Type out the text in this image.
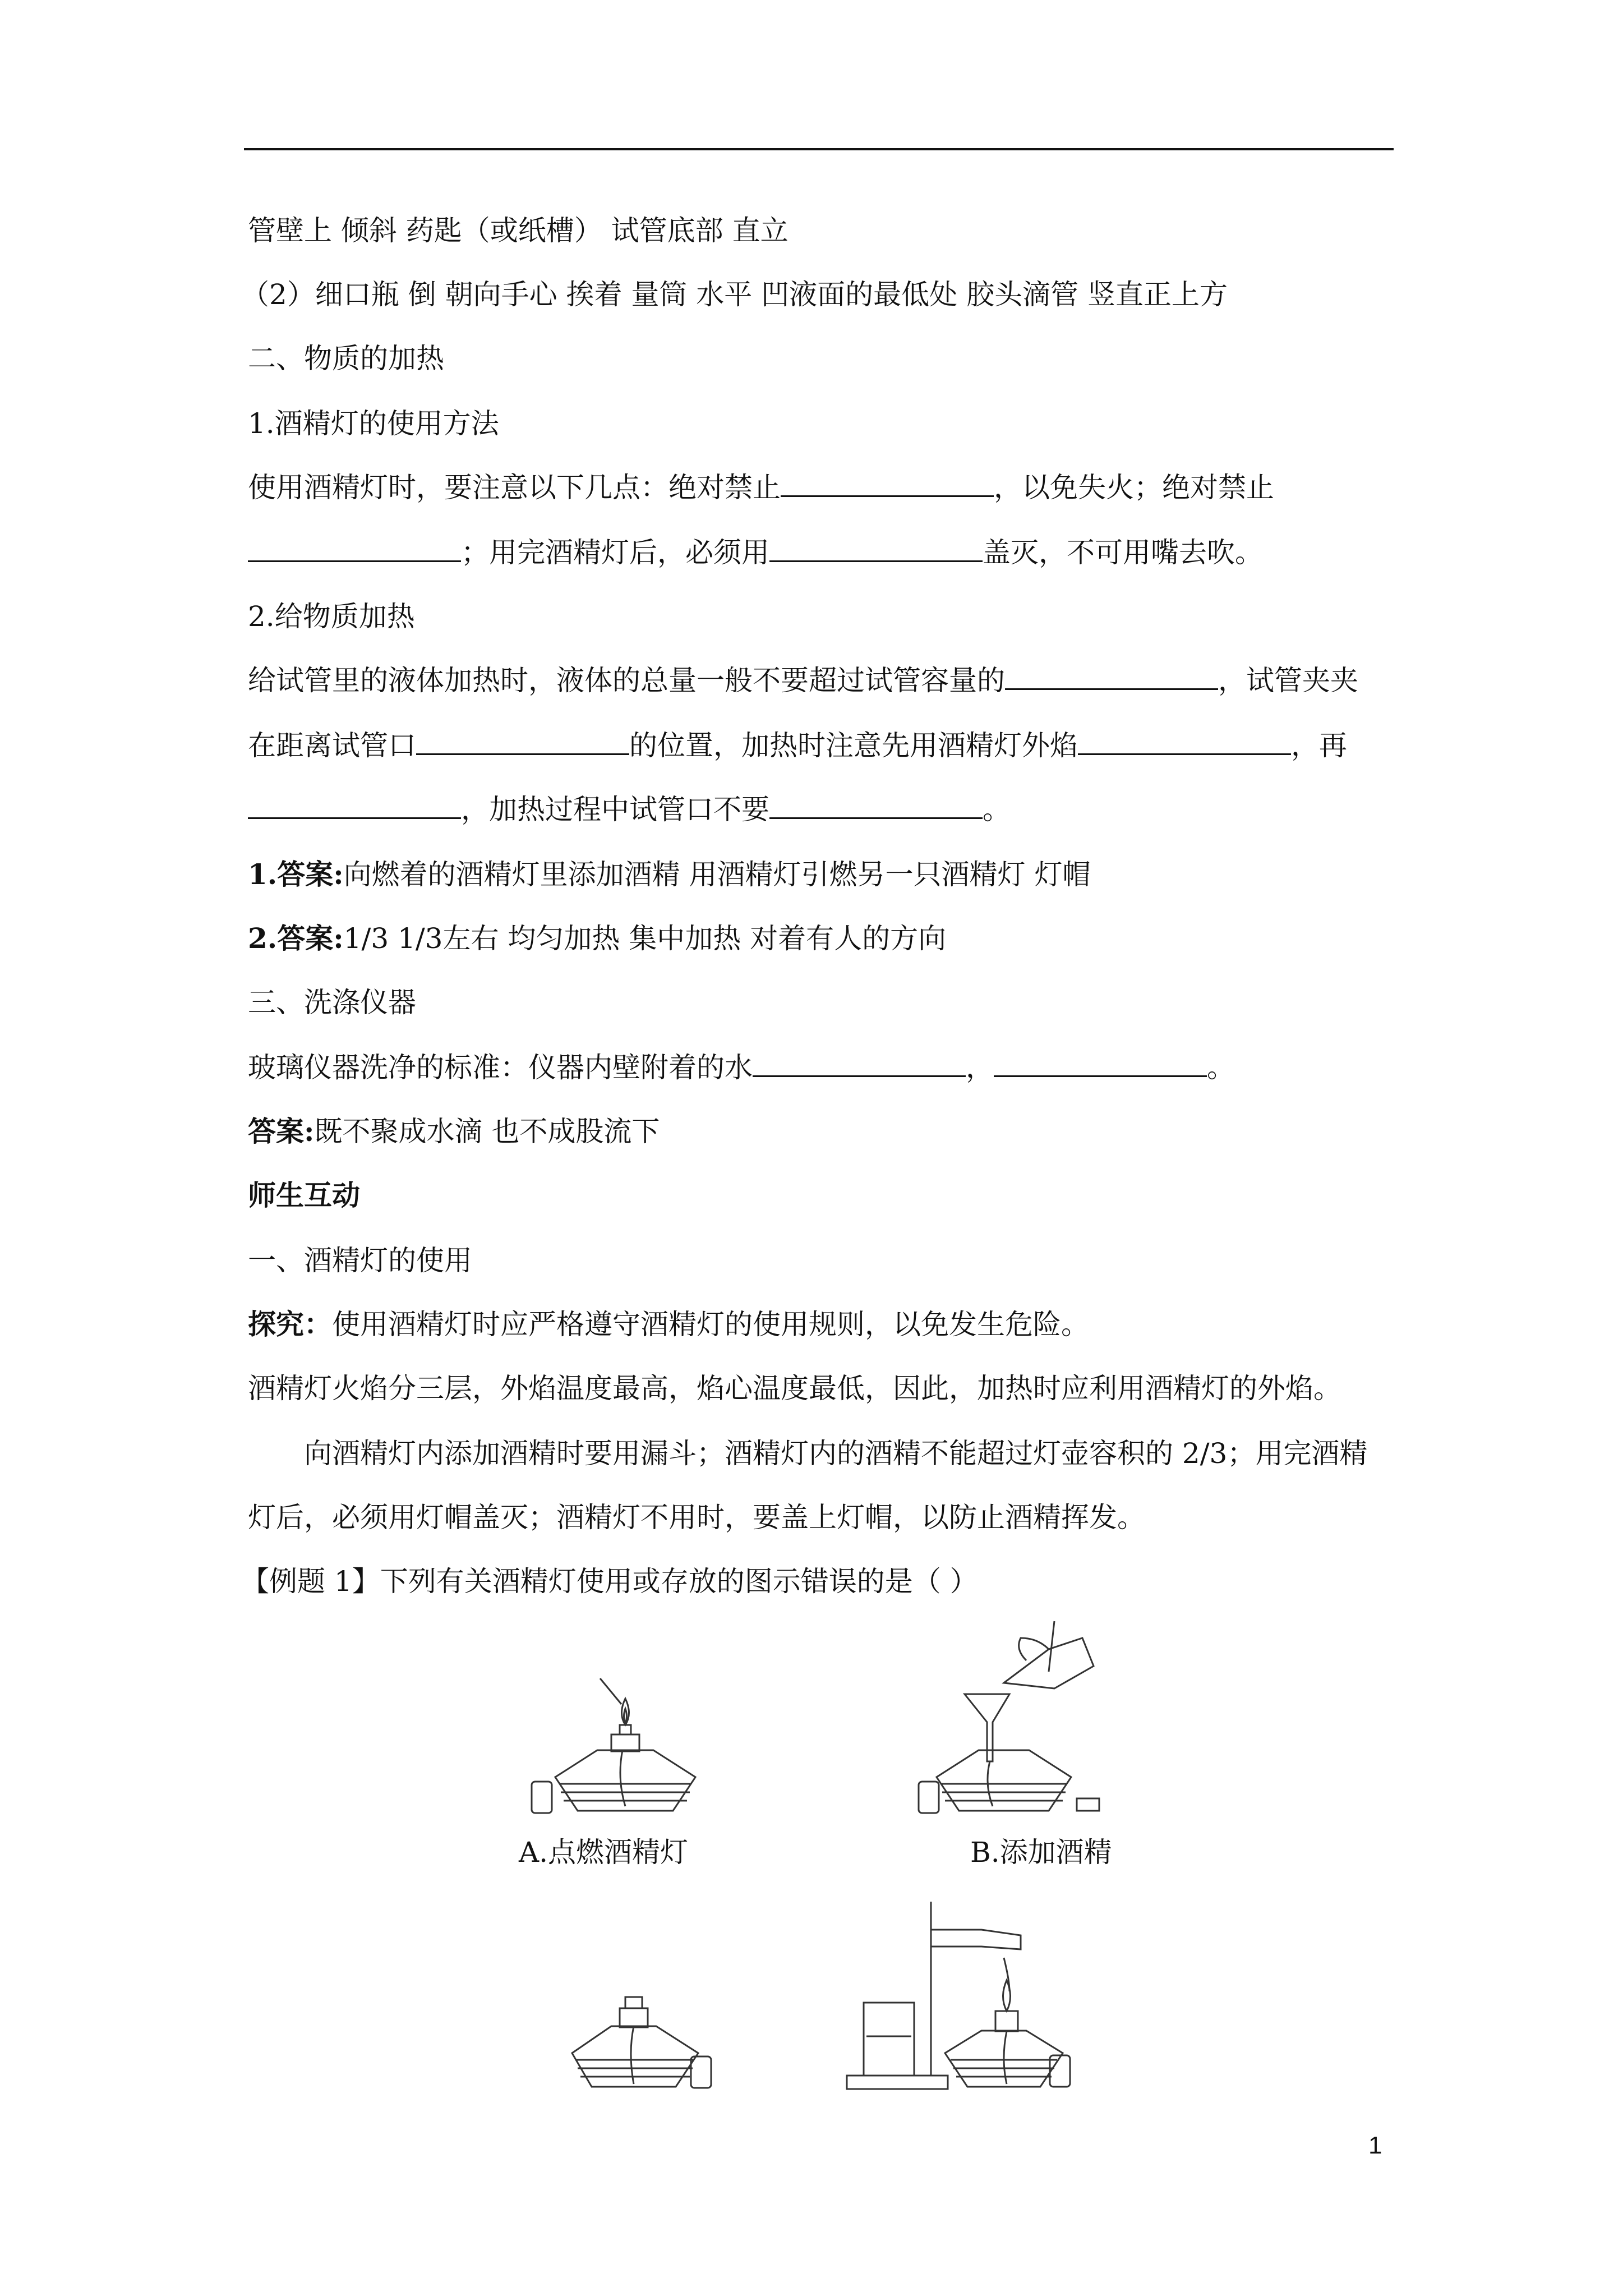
管壁上 倾斜 药匙（或纸槽） 试管底部 直立

（2）细口瓶 倒 朝向手心 挨着 量筒 水平 凹液面的最低处 胶头滴管 竖直正上方

二、物质的加热

1.酒精灯的使用方法

使用酒精灯时，要注意以下几点：绝对禁止	，以免失火；绝对禁止

；用完酒精灯后，必须用	盖灭，不可用嘴去吹。

2.给物质加热

给试管里的液体加热时，液体的总量一般不要超过试管容量的	，试管夹夹

在距离试管口	的位置，加热时注意先用酒精灯外焰	，再

，加热过程中试管口不要	。

1.答案:向燃着的酒精灯里添加酒精 用酒精灯引燃另一只酒精灯 灯帽

2.答案:1/3 1/3左右 均匀加热 集中加热 对着有人的方向

三、洗涤仪器

玻璃仪器洗净的标准：仪器内壁附着的水	，	。

答案:既不聚成水滴 也不成股流下

师生互动

一、酒精灯的使用

探究：使用酒精灯时应严格遵守酒精灯的使用规则，以免发生危险。

酒精灯火焰分三层，外焰温度最高，焰心温度最低，因此，加热时应利用酒精灯的外焰。

向酒精灯内添加酒精时要用漏斗；酒精灯内的酒精不能超过灯壶容积的 2/3；用完酒精

灯后，必须用灯帽盖灭；酒精灯不用时，要盖上灯帽，以防止酒精挥发。

【例题 1】下列有关酒精灯使用或存放的图示错误的是（ ）

A.点燃酒精灯	B.添加酒精
1
